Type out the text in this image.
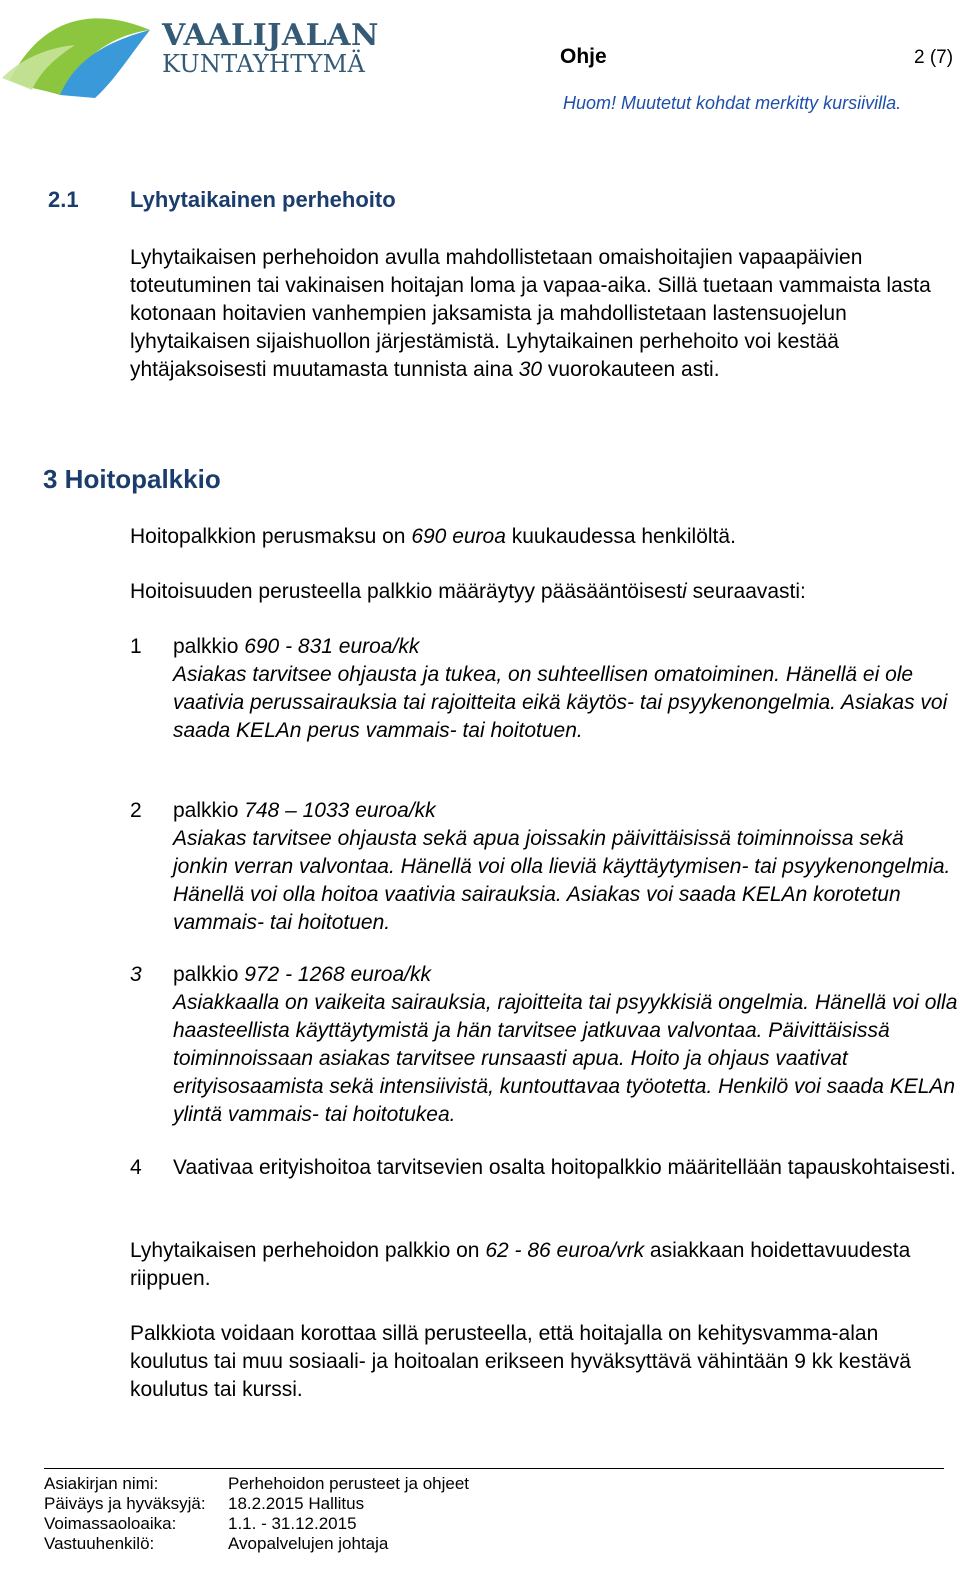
VAALIJALAN
KUNTAYHTYMÄ	Ohje	2 (7)
Huom! Muutetut kohdat merkitty kursiivilla.
2.1 Lyhytaikainen perhehoito
Lyhytaikaisen perhehoidon avulla mahdollistetaan omaishoitajien vapaapäivien toteutuminen tai vakinaisen hoitajan loma ja vapaa-aika. Sillä tuetaan vammaista lasta kotonaan hoitavien vanhempien jaksamista ja mahdollistetaan lastensuojelun lyhytaikaisen sijaishuollon järjestämistä. Lyhytaikainen perhehoito voi kestää yhtäjaksoisesti muutamasta tunnista aina 30 vuorokauteen asti.
3 Hoitopalkkio
Hoitopalkkion perusmaksu on 690 euroa kuukaudessa henkilöltä.
Hoitoisuuden perusteella palkkio määräytyy pääsääntöisesti seuraavasti:
1 palkkio 690 - 831 euroa/kk
Asiakas tarvitsee ohjausta ja tukea, on suhteellisen omatoiminen. Hänellä ei ole vaativia perussairauksia tai rajoitteita eikä käytös- tai psyykenongelmia. Asiakas voi saada KELAn perus vammais- tai hoitotuen.
2 palkkio 748 – 1033 euroa/kk
Asiakas tarvitsee ohjausta sekä apua joissakin päivittäisissä toiminnoissa sekä jonkin verran valvontaa. Hänellä voi olla lieviä käyttäytymisen- tai psyykenongelmia. Hänellä voi olla hoitoa vaativia sairauksia. Asiakas voi saada KELAn korotetun vammais- tai hoitotuen.
3 palkkio 972 - 1268 euroa/kk
Asiakkaalla on vaikeita sairauksia, rajoitteita tai psyykkisiä ongelmia. Hänellä voi olla haasteellista käyttäytymistä ja hän tarvitsee jatkuvaa valvontaa. Päivittäisissä toiminnoissaan asiakas tarvitsee runsaasti apua. Hoito ja ohjaus vaativat erityisosaamista sekä intensiivistä, kuntouttavaa työotetta. Henkilö voi saada KELAn ylintä vammais- tai hoitotukea.
4 Vaativaa erityishoitoa tarvitsevien osalta hoitopalkkio määritellään tapauskohtaisesti.
Lyhytaikaisen perhehoidon palkkio on 62 - 86 euroa/vrk asiakkaan hoidettavuudesta riippuen.
Palkkiota voidaan korottaa sillä perusteella, että hoitajalla on kehitysvamma-alan koulutus tai muu sosiaali- ja hoitoalan erikseen hyväksyttävä vähintään 9 kk kestävä koulutus tai kurssi.
Asiakirjan nimi:	Perhehoidon perusteet ja ohjeet
Päiväys ja hyväksyjä:	18.2.2015 Hallitus
Voimassaoloaika:	1.1. - 31.12.2015
Vastuuhenkilö:	Avopalvelujen johtaja
